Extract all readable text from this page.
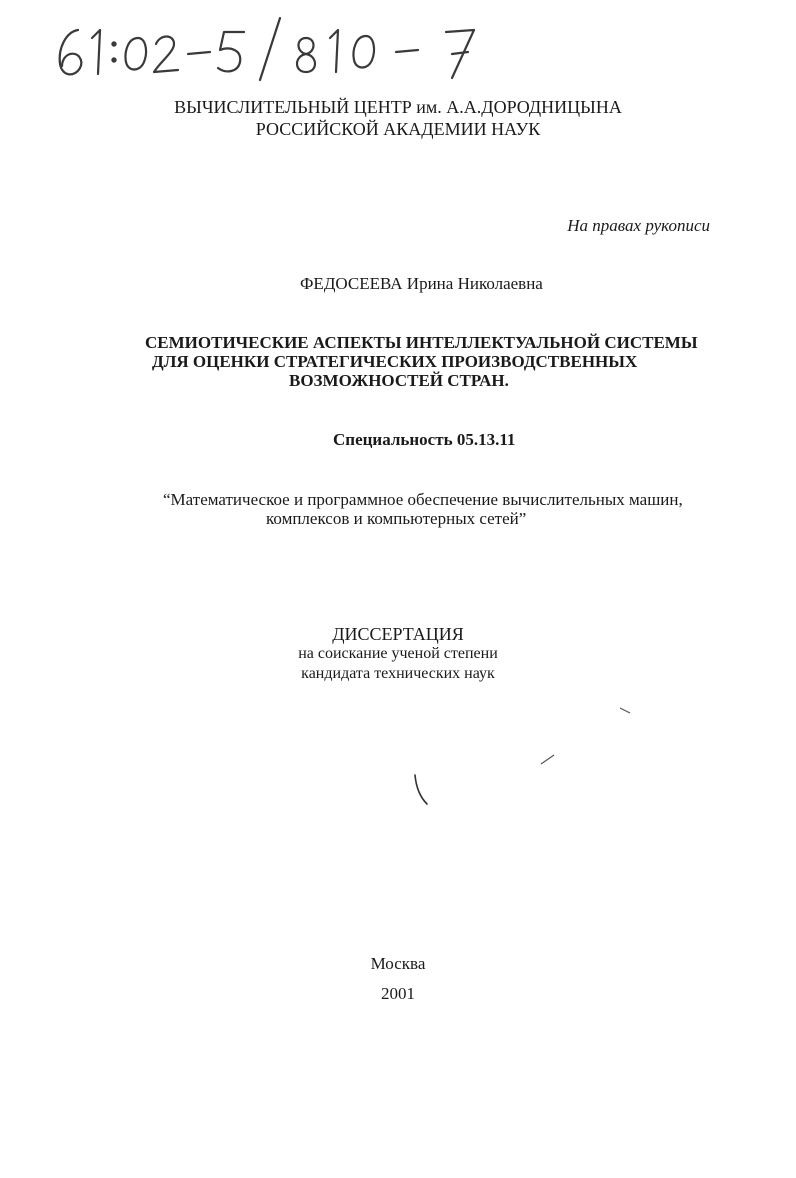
ВЫЧИСЛИТЕЛЬНЫЙ ЦЕНТР им. А.А.ДОРОДНИЦЫНА
РОССИЙСКОЙ АКАДЕМИИ НАУК
На правах рукописи
ФЕДОСЕЕВА Ирина Николаевна
СЕМИОТИЧЕСКИЕ АСПЕКТЫ ИНТЕЛЛЕКТУАЛЬНОЙ СИСТЕМЫ
ДЛЯ ОЦЕНКИ СТРАТЕГИЧЕСКИХ ПРОИЗВОДСТВЕННЫХ
ВОЗМОЖНОСТЕЙ СТРАН.
Специальность 05.13.11
“Математическое и программное обеспечение вычислительных машин,
комплексов и компьютерных сетей”
ДИССЕРТАЦИЯ
на соискание ученой степени
кандидата технических наук
Москва
2001
